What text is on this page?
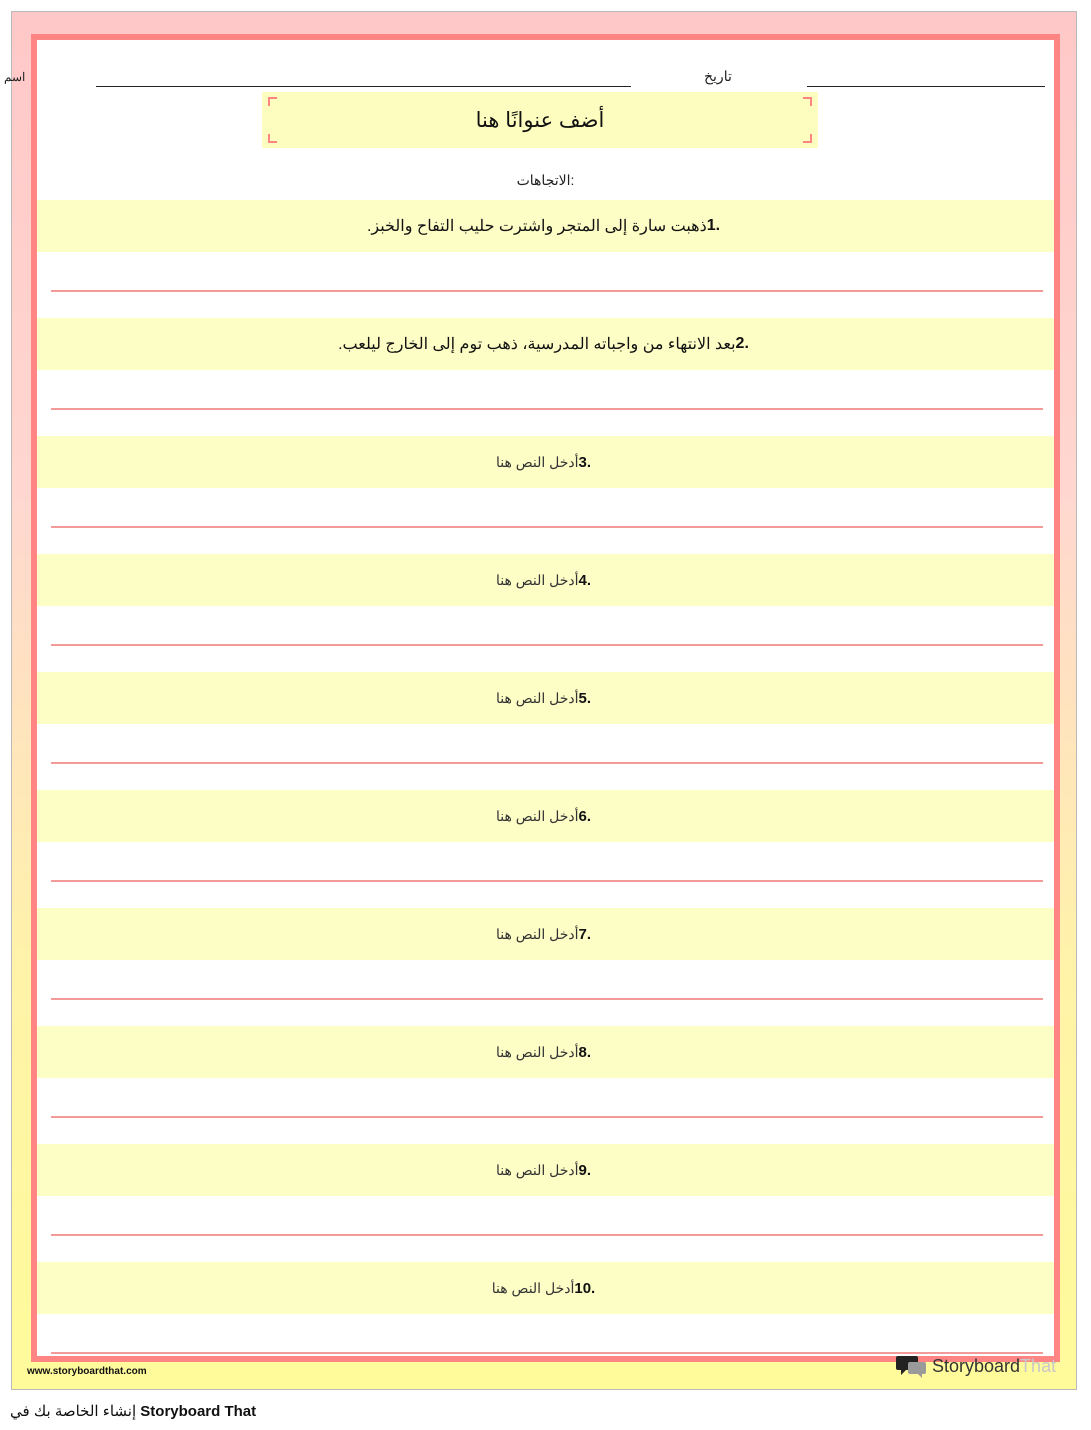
اسم	تاريخ
أضف عنوانًا هنا
الاتجاهات:
ذهبت سارة إلى المتجر واشترت حليب التفاح والخبز. 1.
بعد الانتهاء من واجباته المدرسية، ذهب توم إلى الخارج ليلعب. 2.
أدخل النص هنا 3.
أدخل النص هنا 4.
أدخل النص هنا 5.
أدخل النص هنا 6.
أدخل النص هنا 7.
أدخل النص هنا 8.
أدخل النص هنا 9.
أدخل النص هنا 10.
www.storyboardthat.com	StoryboardThat
إنشاء الخاصة بك في Storyboard That
